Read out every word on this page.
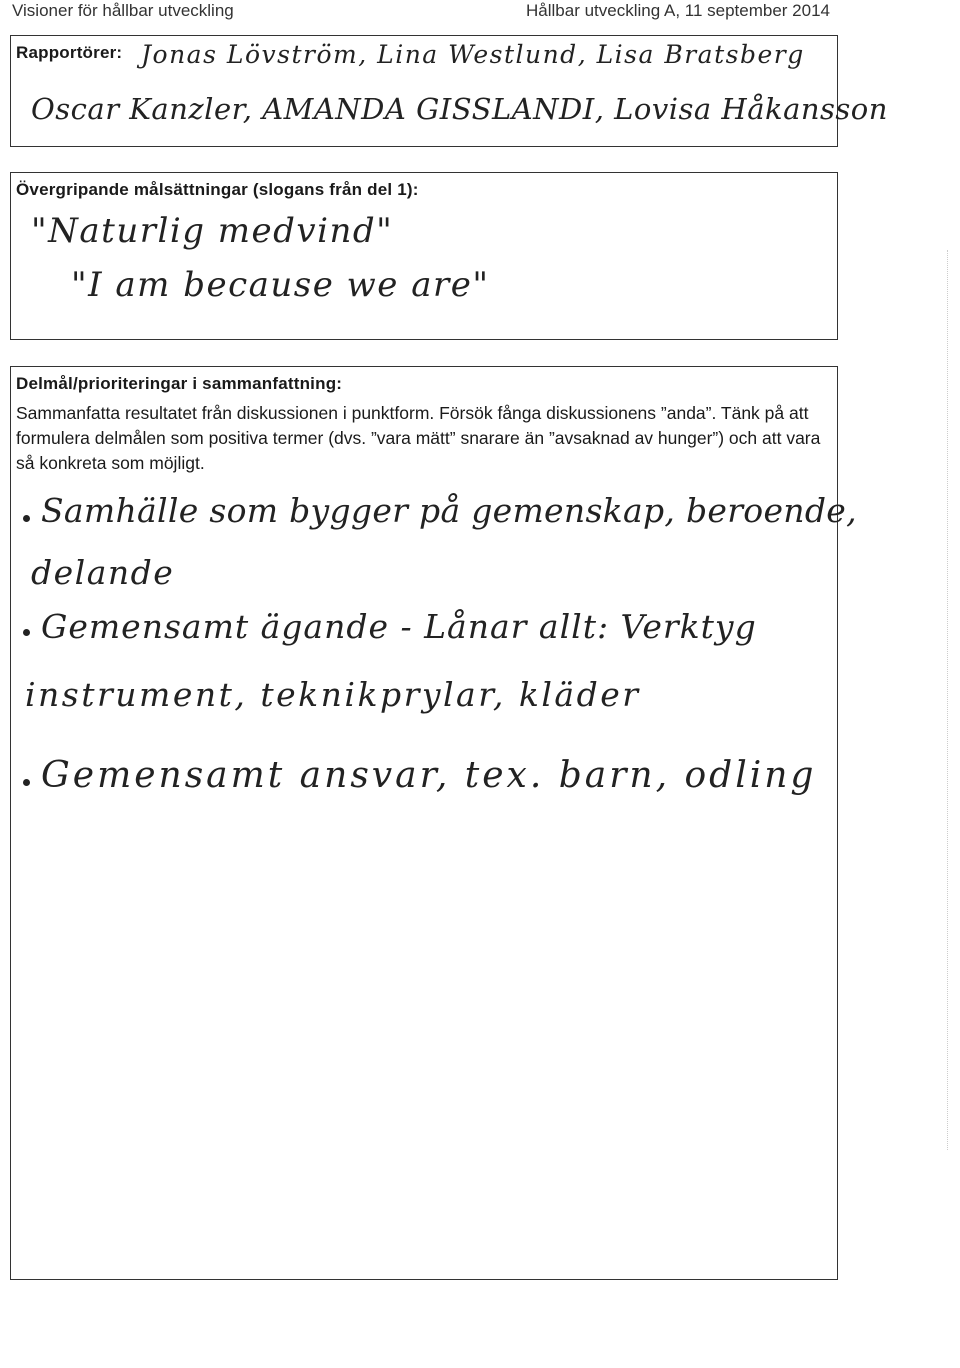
Visioner för hållbar utveckling	Hållbar utveckling A, 11 september 2014
Rapportörer: Jonas Lövström, Lina Westlund, Lisa Bratsberg
Oscar Kanzler, AMANDA GISSLANDI, Lovisa Håkansson
Övergripande målsättningar (slogans från del 1):
"Naturlig medvind"
"I am because we are"
Delmål/prioriteringar i sammanfattning:
Sammanfatta resultatet från diskussionen i punktform. Försök fånga diskussionens ”anda”. Tänk på att formulera delmålen som positiva termer (dvs. ”vara mätt” snarare än ”avsaknad av hunger”) och att vara så konkreta som möjligt.
Samhälle som bygger på gemenskap, beroende,
delande
Gemensamt ägande - Lånar allt: Verktyg
instrument, teknikprylar, kläder
Gemensamt ansvar, tex. barn, odling
